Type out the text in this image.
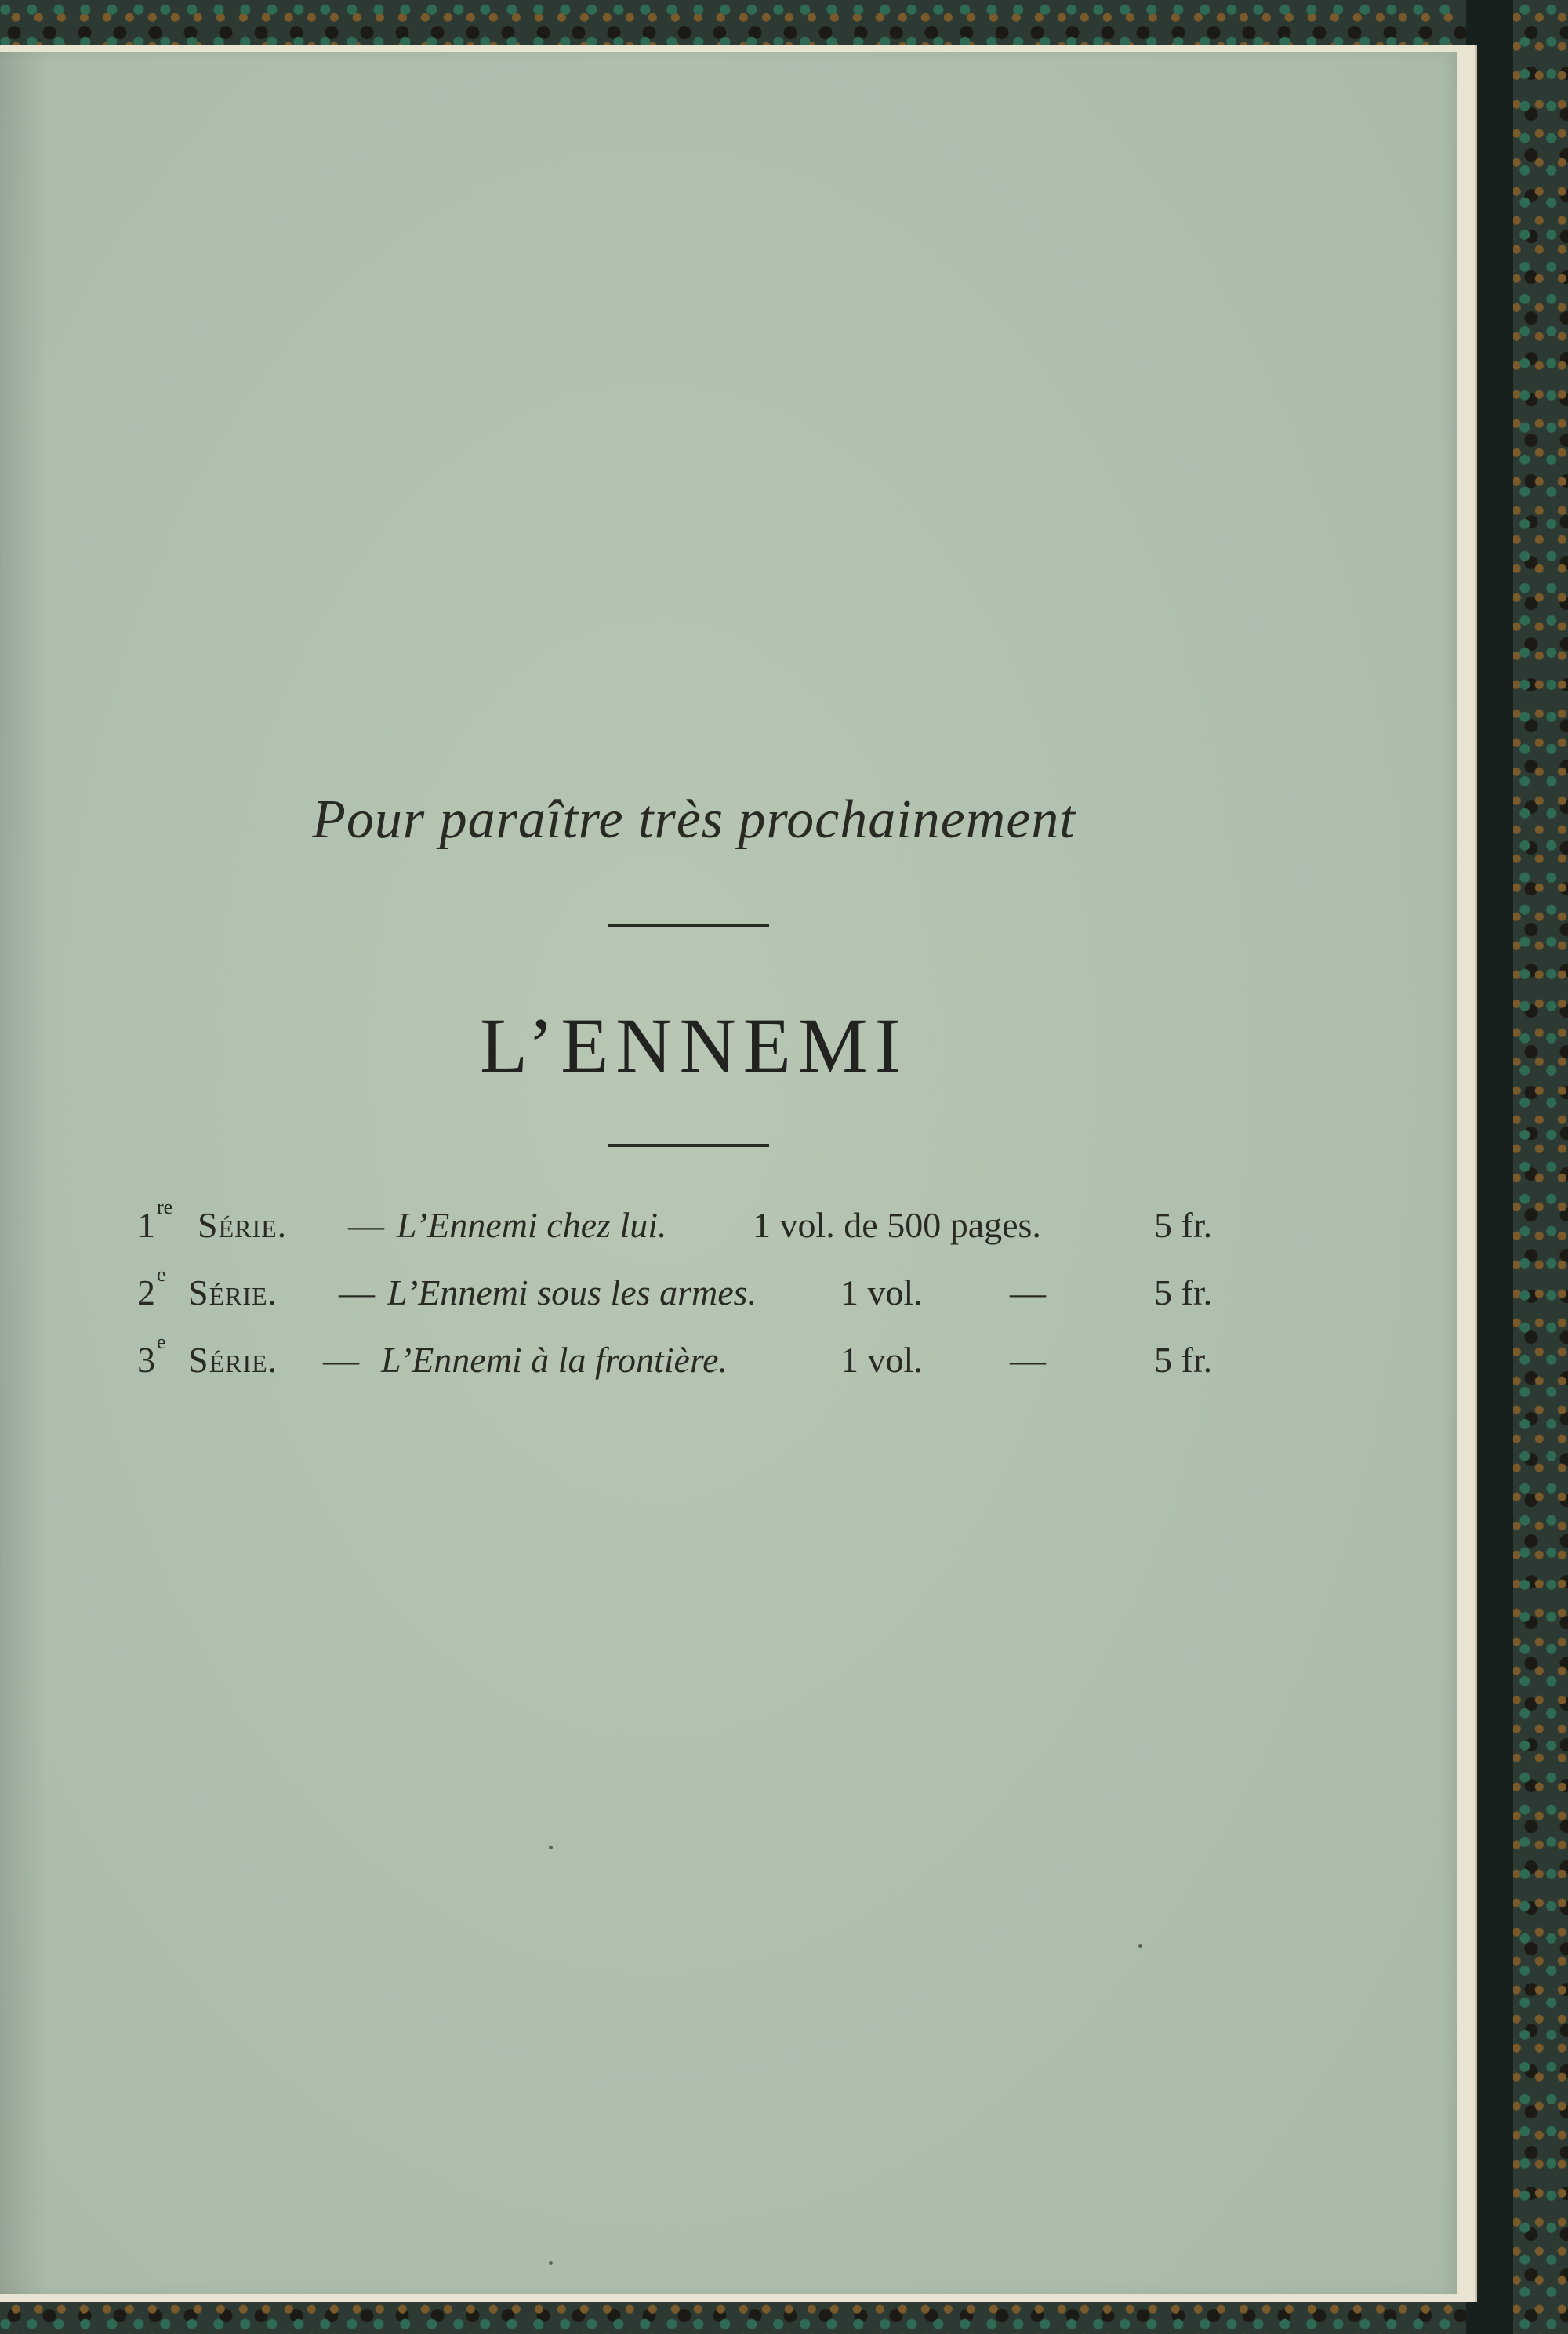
Pour paraître très prochainement
L’ENNEMI
1re Série. — L’Ennemi chez lui. 1 vol. de 500 pages.	5 fr.
2e Série. — L’Ennemi sous les armes. 1 vol. —	5 fr.
3e Série. — L’Ennemi à la frontière.	1 vol. —	5 fr.
